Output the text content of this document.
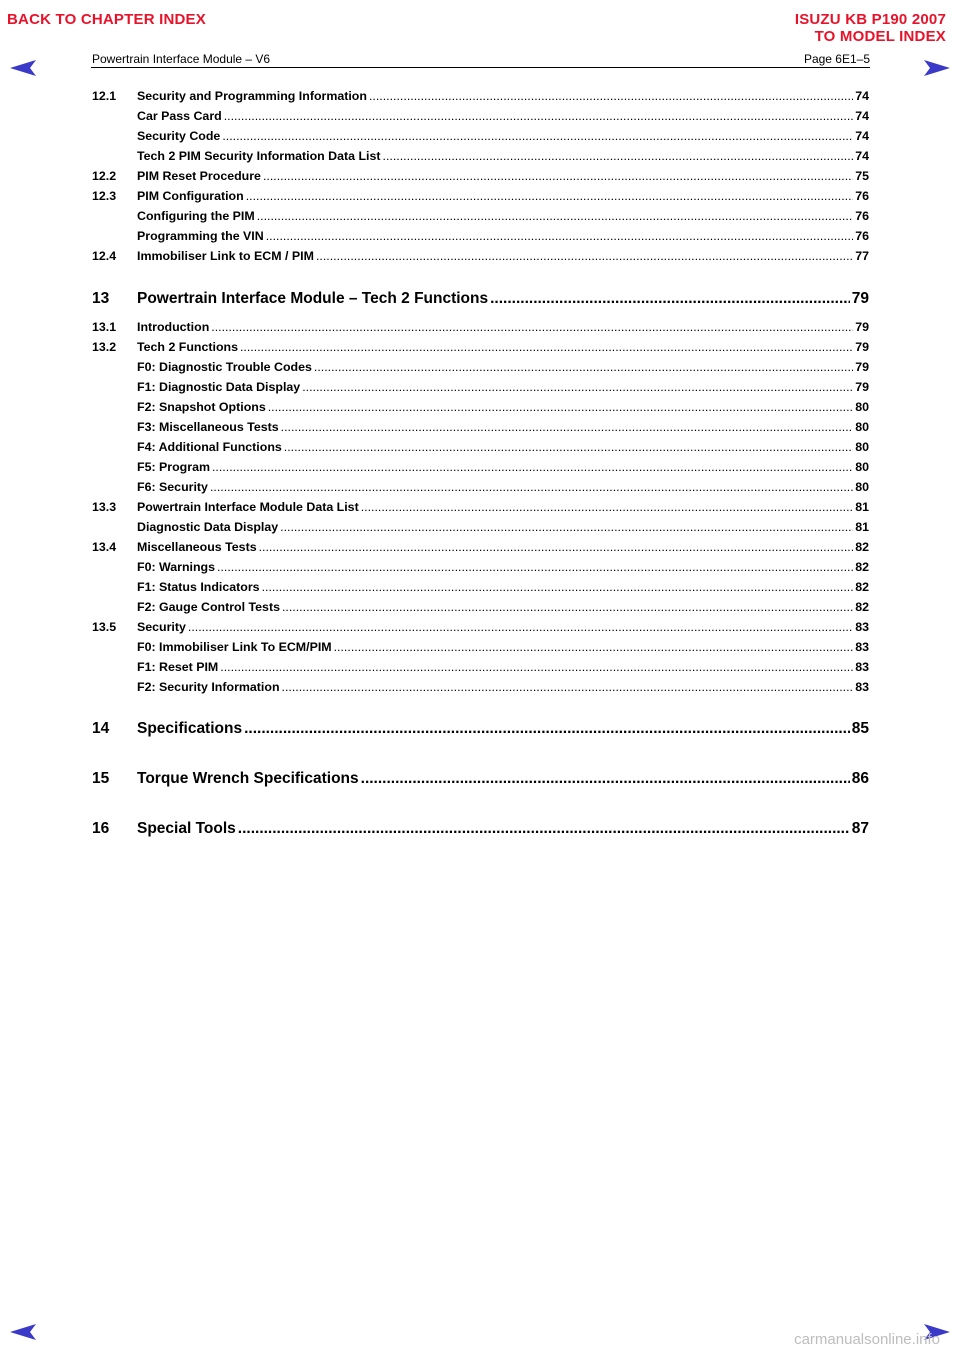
BACK TO CHAPTER INDEX	ISUZU KB P190 2007
TO MODEL INDEX
Powertrain Interface Module – V6	Page 6E1–5
12.1	Security and Programming Information .....	74
Car Pass Card .....	74
Security Code .....	74
Tech 2 PIM Security Information Data List .....	74
12.2	PIM Reset Procedure .....	75
12.3	PIM Configuration .....	76
Configuring the PIM .....	76
Programming the VIN .....	76
12.4	Immobiliser Link to ECM / PIM .....	77
13	Powertrain Interface Module – Tech 2 Functions .....	79
13.1	Introduction .....	79
13.2	Tech 2 Functions .....	79
F0: Diagnostic Trouble Codes .....	79
F1: Diagnostic Data Display .....	79
F2: Snapshot Options .....	80
F3: Miscellaneous Tests .....	80
F4: Additional Functions .....	80
F5: Program .....	80
F6: Security .....	80
13.3	Powertrain Interface Module Data List .....	81
Diagnostic Data Display .....	81
13.4	Miscellaneous Tests .....	82
F0: Warnings .....	82
F1: Status Indicators .....	82
F2: Gauge Control Tests .....	82
13.5	Security .....	83
F0: Immobiliser Link To ECM/PIM .....	83
F1: Reset PIM .....	83
F2: Security Information .....	83
14	Specifications .....	85
15	Torque Wrench Specifications .....	86
16	Special Tools .....	87
carmanualsonline.info
